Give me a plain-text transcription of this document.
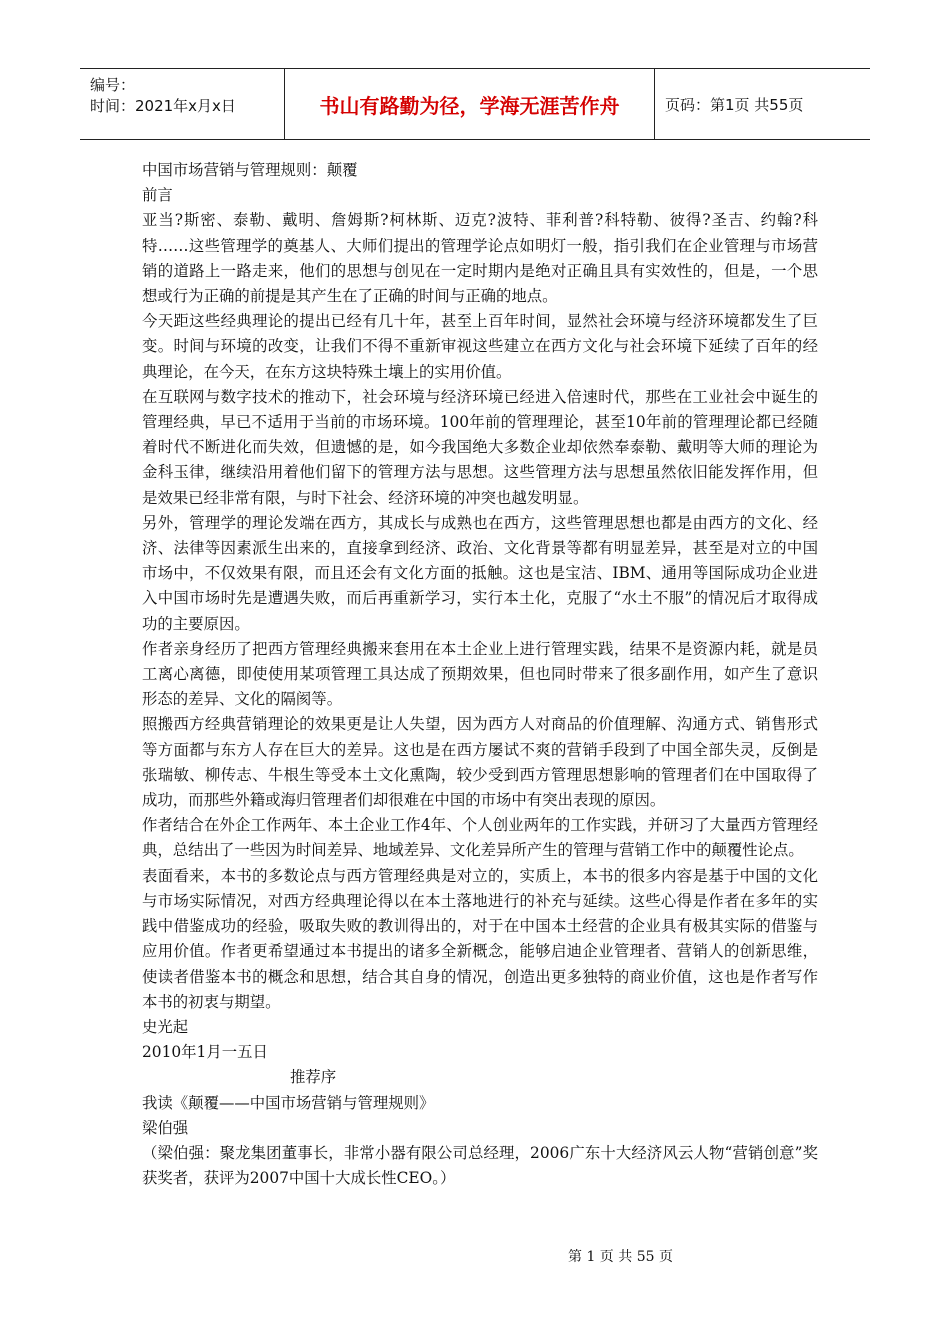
编号：
时间：2021年x月x日	书山有路勤为径，学海无涯苦作舟	页码：第1页 共55页

中国市场营销与管理规则：颠覆

前言

亚当?斯密、泰勒、戴明、詹姆斯?柯林斯、迈克?波特、菲利普?科特勒、彼得?圣吉、约翰?科特……这些管理学的奠基人、大师们提出的管理学论点如明灯一般，指引我们在企业管理与市场营销的道路上一路走来，他们的思想与创见在一定时期内是绝对正确且具有实效性的，但是，一个思想或行为正确的前提是其产生在了正确的时间与正确的地点。

今天距这些经典理论的提出已经有几十年，甚至上百年时间，显然社会环境与经济环境都发生了巨变。时间与环境的改变，让我们不得不重新审视这些建立在西方文化与社会环境下延续了百年的经典理论，在今天，在东方这块特殊土壤上的实用价值。

在互联网与数字技术的推动下，社会环境与经济环境已经进入倍速时代，那些在工业社会中诞生的管理经典，早已不适用于当前的市场环境。100年前的管理理论，甚至10年前的管理理论都已经随着时代不断进化而失效，但遗憾的是，如今我国绝大多数企业却依然奉泰勒、戴明等大师的理论为金科玉律，继续沿用着他们留下的管理方法与思想。这些管理方法与思想虽然依旧能发挥作用，但是效果已经非常有限，与时下社会、经济环境的冲突也越发明显。

另外，管理学的理论发端在西方，其成长与成熟也在西方，这些管理思想也都是由西方的文化、经济、法律等因素派生出来的，直接拿到经济、政治、文化背景等都有明显差异，甚至是对立的中国市场中，不仅效果有限，而且还会有文化方面的抵触。这也是宝洁、IBM、通用等国际成功企业进入中国市场时先是遭遇失败，而后再重新学习，实行本土化，克服了“水土不服”的情况后才取得成功的主要原因。

作者亲身经历了把西方管理经典搬来套用在本土企业上进行管理实践，结果不是资源内耗，就是员工离心离德，即使使用某项管理工具达成了预期效果，但也同时带来了很多副作用，如产生了意识形态的差异、文化的隔阂等。

照搬西方经典营销理论的效果更是让人失望，因为西方人对商品的价值理解、沟通方式、销售形式等方面都与东方人存在巨大的差异。这也是在西方屡试不爽的营销手段到了中国全部失灵，反倒是张瑞敏、柳传志、牛根生等受本土文化熏陶，较少受到西方管理思想影响的管理者们在中国取得了成功，而那些外籍或海归管理者们却很难在中国的市场中有突出表现的原因。

作者结合在外企工作两年、本土企业工作4年、个人创业两年的工作实践，并研习了大量西方管理经典，总结出了一些因为时间差异、地域差异、文化差异所产生的管理与营销工作中的颠覆性论点。

表面看来，本书的多数论点与西方管理经典是对立的，实质上，本书的很多内容是基于中国的文化与市场实际情况，对西方经典理论得以在本土落地进行的补充与延续。这些心得是作者在多年的实践中借鉴成功的经验，吸取失败的教训得出的，对于在中国本土经营的企业具有极其实际的借鉴与应用价值。作者更希望通过本书提出的诸多全新概念，能够启迪企业管理者、营销人的创新思维，使读者借鉴本书的概念和思想，结合其自身的情况，创造出更多独特的商业价值，这也是作者写作本书的初衷与期望。

史光起

2010年1月一五日

推荐序

我读《颠覆——中国市场营销与管理规则》

梁伯强

（梁伯强：聚龙集团董事长，非常小器有限公司总经理，2006广东十大经济风云人物“营销创意”奖获奖者，获评为2007中国十大成长性CEO。）

第 1 页 共 55 页
